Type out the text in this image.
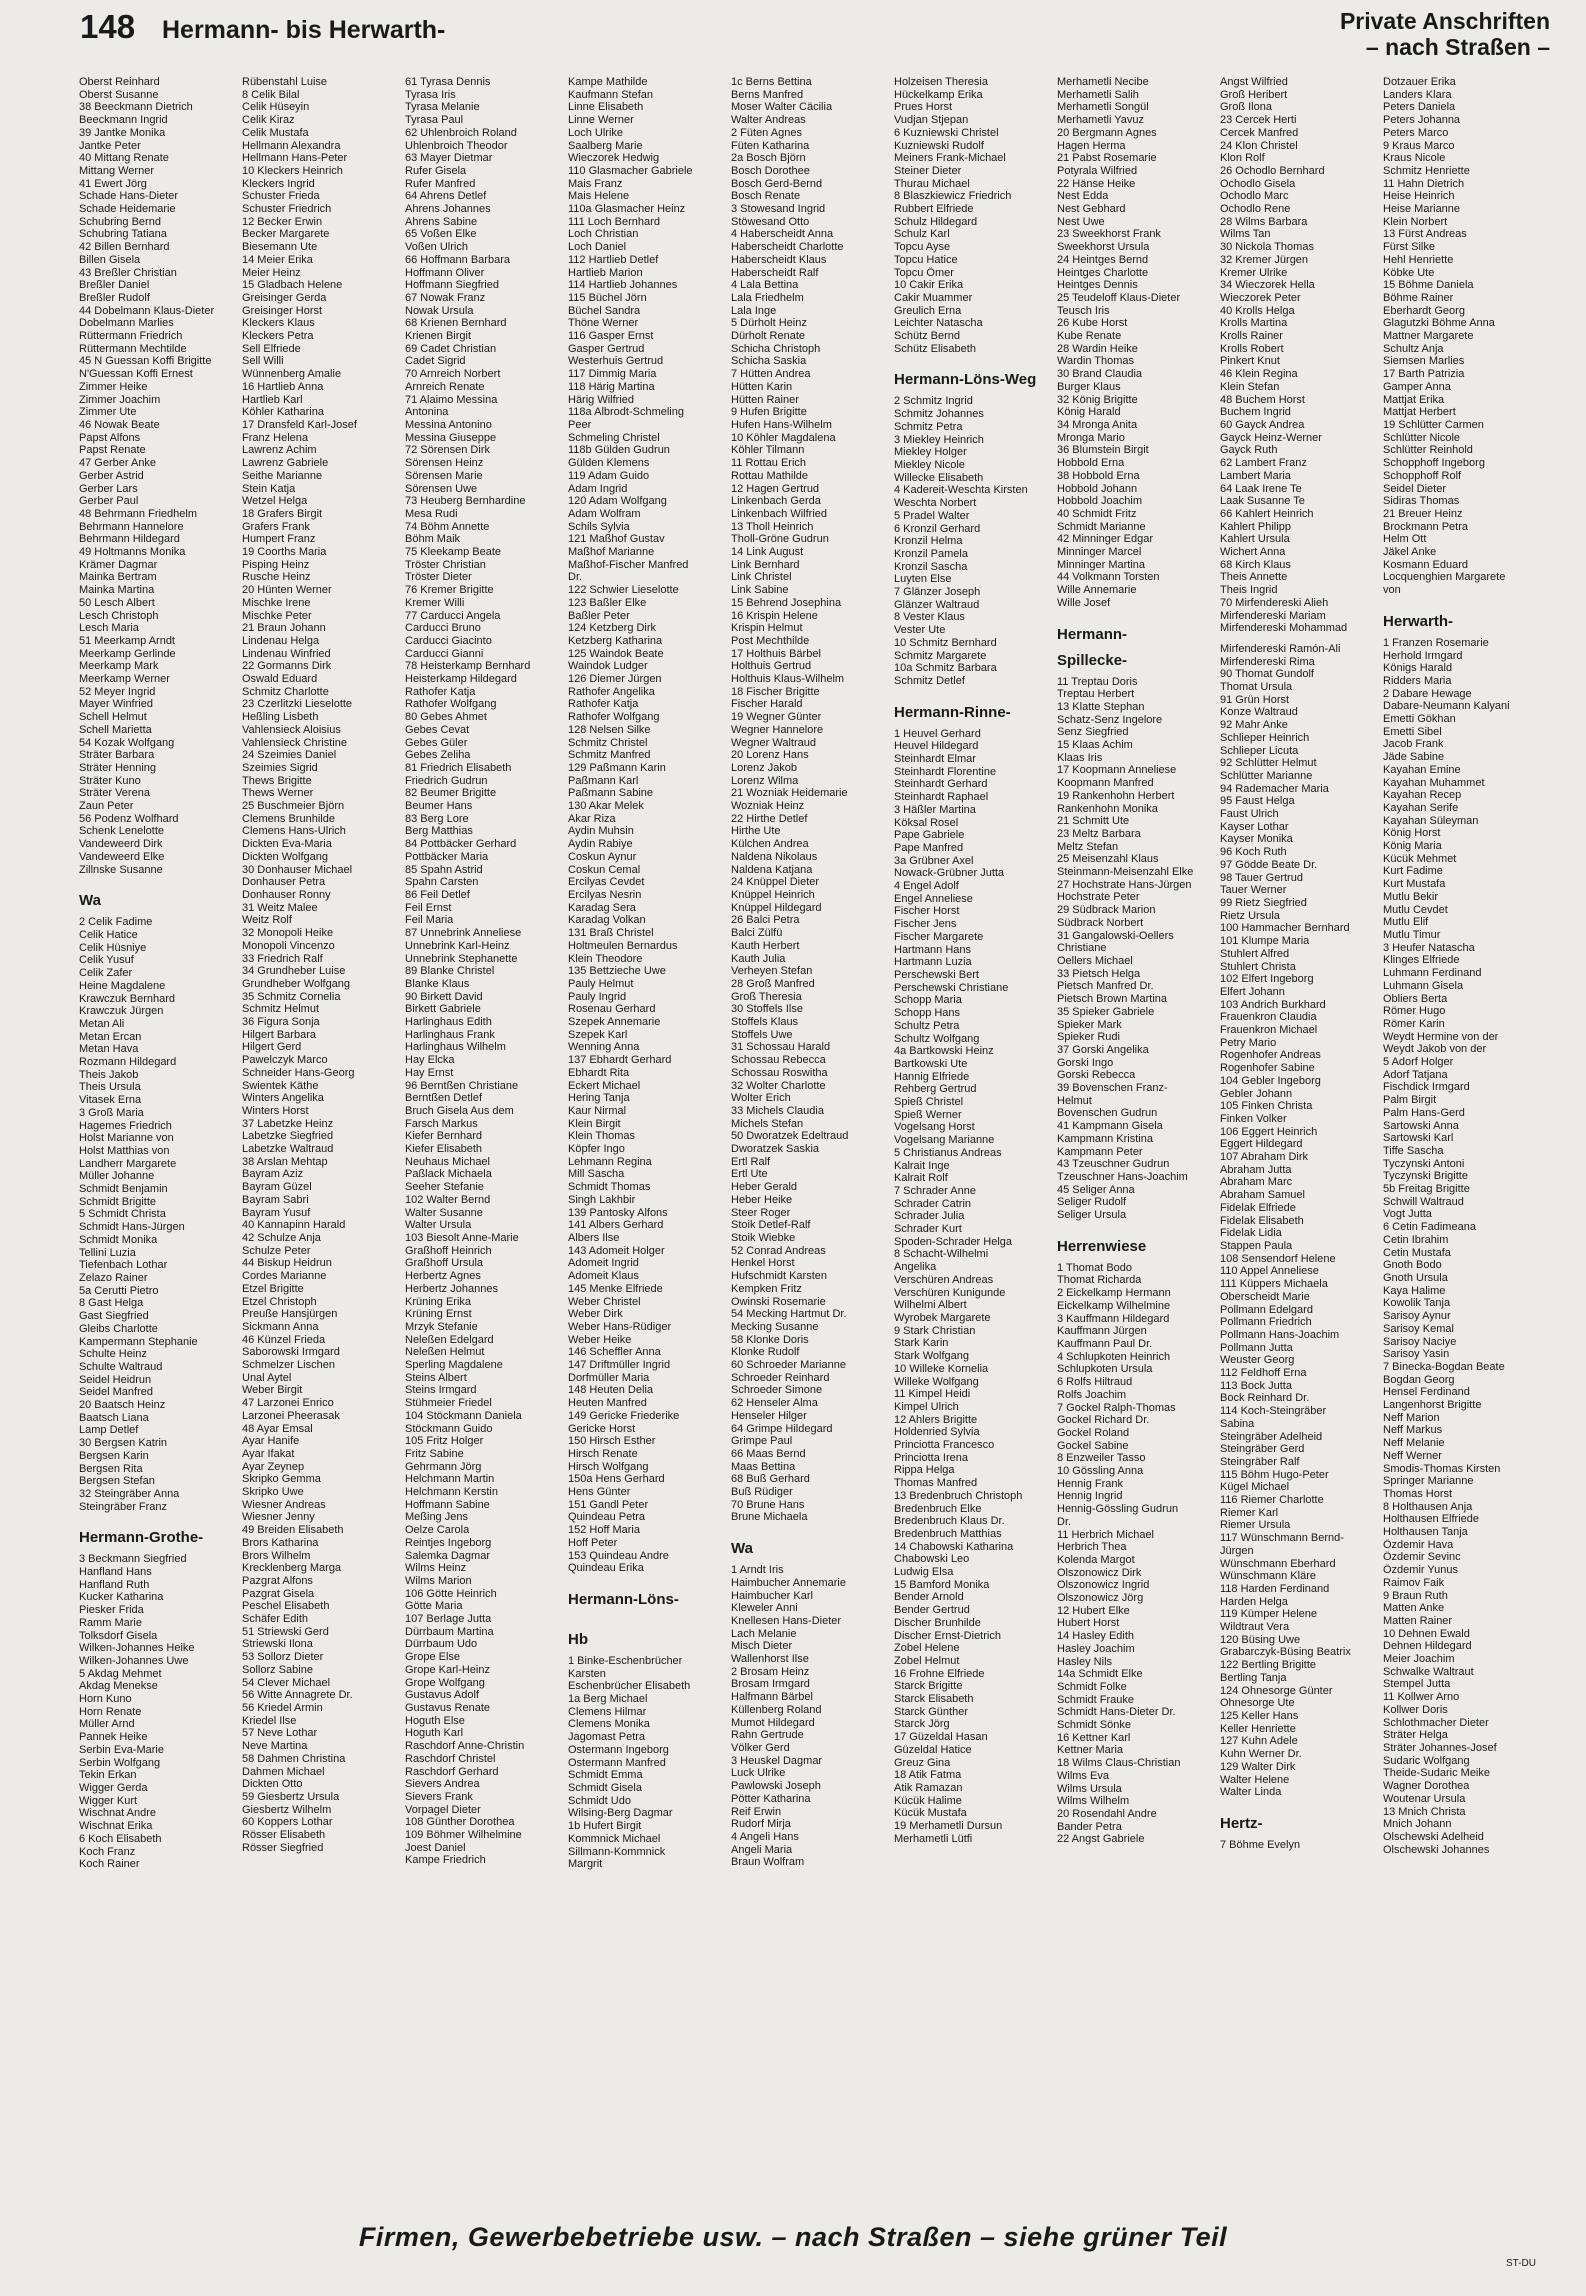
148 Hermann- bis Herwarth-	Private Anschriften
– nach Straßen –
Oberst Reinhard
Oberst Susanne
38 Beeckmann Dietrich
Beeckmann Ingrid
39 Jantke Monika
Jantke Peter
40 Mittang Renate
Mittang Werner
41 Ewert Jörg
Schade Hans-Dieter
Schade Heidemarie
Schubring Bernd
Schubring Tatiana
42 Billen Bernhard
Billen Gisela
43 Breßler Christian
Breßler Daniel
Breßler Rudolf
44 Dobelmann Klaus-Dieter
Dobelmann Marlies
Rüttermann Friedrich
Rüttermann Mechtilde
45 N Guessan Koffi Brigitte
N'Guessan Koffi Ernest
Zimmer Heike
Zimmer Joachim
Zimmer Ute
46 Nowak Beate
Papst Alfons
Papst Renate
47 Gerber Anke
Gerber Astrid
Gerber Lars
Gerber Paul
48 Behrmann Friedhelm
Behrmann Hannelore
Behrmann Hildegard
49 Holtmanns Monika
Krämer Dagmar
Mainka Bertram
Mainka Martina
50 Lesch Albert
Lesch Christoph
Lesch Maria
51 Meerkamp Arndt
Meerkamp Gerlinde
Meerkamp Mark
Meerkamp Werner
52 Meyer Ingrid
Mayer Winfried
Schell Helmut
Schell Marietta
54 Kozak Wolfgang
Sträter Barbara
Sträter Henning
Sträter Kuno
Sträter Verena
Zaun Peter
56 Podenz Wolfhard
Schenk Lenelotte
Vandeweerd Dirk
Vandeweerd Elke
Zillnske Susanne
Wa
2 Celik Fadime
Celik Hatice
Celik Hüsniye
Celik Yusuf
Celik Zafer
Heine Magdalene
Krawczuk Bernhard
Krawczuk Jürgen
Metan Ali
Metan Ercan
Metan Hava
Rozmann Hildegard
Theis Jakob
Theis Ursula
Vitasek Erna
3 Groß Maria
Hagemes Friedrich
Holst Marianne von
Holst Matthias von
Landherr Margarete
Müller Johanne
Schmidt Benjamin
Schmidt Brigitte
5 Schmidt Christa
Schmidt Hans-Jürgen
Schmidt Monika
Tellini Luzia
Tiefenbach Lothar
Zelazo Rainer
5a Cerutti Pietro
8 Gast Helga
Gast Siegfried
Gleibs Charlotte
Kampermann Stephanie
Schulte Heinz
Schulte Waltraud
Seidel Heidrun
Seidel Manfred
20 Baatsch Heinz
Baatsch Liana
Lamp Detlef
30 Bergsen Katrin
Bergsen Karin
Bergsen Rita
Bergsen Stefan
32 Steingräber Anna
Steingräber Franz
Hermann-Grothe-
3 Beckmann Siegfried
Hanfland Hans
Hanfland Ruth
Kucker Katharina
Piesker Frida
Ramm Marie
Tolksdorf Gisela
Wilken-Johannes Heike
Wilken-Johannes Uwe
5 Akdag Mehmet
Akdag Menekse
Horn Kuno
Horn Renate
Müller Arnd
Pannek Heike
Serbin Eva-Marie
Serbin Wolfgang
Tekin Erkan
Wigger Gerda
Wigger Kurt
Wischnat Andre
Wischnat Erika
6 Koch Elisabeth
Koch Franz
Koch Rainer
Rübenstahl Luise
8 Celik Bilal
Celik Hüseyin
Celik Kiraz
Celik Mustafa
Hellmann Alexandra
Hellmann Hans-Peter
10 Kleckers Heinrich
Kleckers Ingrid
Schuster Frieda
Schuster Friedrich
12 Becker Erwin
Becker Margarete
Biesemann Ute
14 Meier Erika
Meier Heinz
15 Gladbach Helene
Greisinger Gerda
Greisinger Horst
Kleckers Klaus
Kleckers Petra
Sell Elfriede
Sell Willi
Wünnenberg Amalie
16 Hartlieb Anna
Hartlieb Karl
Köhler Katharina
17 Dransfeld Karl-Josef
Franz Helena
Lawrenz Achim
Lawrenz Gabriele
Seithe Marianne
Stein Katja
Wetzel Helga
18 Grafers Birgit
Grafers Frank
Humpert Franz
19 Coorths Maria
Pisping Heinz
Rusche Heinz
20 Hünten Werner
Mischke Irene
Mischke Peter
21 Braun Johann
Lindenau Helga
Lindenau Winfried
22 Gormanns Dirk
Oswald Eduard
Schmitz Charlotte
23 Czerlitzki Lieselotte
Heßling Lisbeth
Vahlensieck Aloisius
Vahlensieck Christine
24 Szeimies Daniel
Szeimies Sigrid
Thews Brigitte
Thews Werner
25 Buschmeier Björn
Clemens Brunhilde
Clemens Hans-Ulrich
Dickten Eva-Maria
Dickten Wolfgang
30 Donhauser Michael
Donhauser Petra
Donhauser Ronny
31 Weitz Malee
Weitz Rolf
32 Monopoli Heike
Monopoli Vincenzo
33 Friedrich Ralf
34 Grundheber Luise
Grundheber Wolfgang
35 Schmitz Cornelia
Schmitz Helmut
36 Figura Sonja
Hilgert Barbara
Hilgert Gerd
Pawelczyk Marco
Schneider Hans-Georg
Swientek Käthe
Winters Angelika
Winters Horst
37 Labetzke Heinz
Labetzke Siegfried
Labetzke Waltraud
38 Arslan Mehtap
Bayram Aziz
Bayram Güzel
Bayram Sabri
Bayram Yusuf
40 Kannapinn Harald
42 Schulze Anja
Schulze Peter
44 Biskup Heidrun
Cordes Marianne
Etzel Brigitte
Etzel Christoph
Preuße Hansjürgen
Sickmann Anna
46 Künzel Frieda
Saborowski Irmgard
Schmelzer Lischen
Unal Aytel
Weber Birgit
47 Larzonei Enrico
Larzonei Pheerasak
48 Ayar Emsal
Ayar Hanife
Ayar Ifakat
Ayar Zeynep
Skripko Gemma
Skripko Uwe
Wiesner Andreas
Wiesner Jenny
49 Breiden Elisabeth
Brors Katharina
Brors Wilhelm
Krecklenberg Marga
Pazgrat Alfons
Pazgrat Gisela
Peschel Elisabeth
Schäfer Edith
51 Striewski Gerd
Striewski Ilona
53 Sollorz Dieter
Sollorz Sabine
54 Clever Michael
56 Witte Annagrete Dr.
56 Kriedel Armin
Kriedel Ilse
57 Neve Lothar
Neve Martina
58 Dahmen Christina
Dahmen Michael
Dickten Otto
59 Giesbertz Ursula
Giesbertz Wilhelm
60 Koppers Lothar
Rösser Elisabeth
Rösser Siegfried
61 Tyrasa Dennis
Tyrasa Iris
Tyrasa Melanie
Tyrasa Paul
62 Uhlenbroich Roland
Uhlenbroich Theodor
63 Mayer Dietmar
Rufer Gisela
Rufer Manfred
64 Ahrens Detlef
Ahrens Johannes
Ahrens Sabine
65 Voßen Elke
Voßen Ulrich
66 Hoffmann Barbara
Hoffmann Oliver
Hoffmann Siegfried
67 Nowak Franz
Nowak Ursula
68 Krienen Bernhard
Krienen Birgit
69 Cadet Christian
Cadet Sigrid
70 Arnreich Norbert
Arnreich Renate
71 Alaimo Messina
Antonina
Messina Antonino
Messina Giuseppe
72 Sörensen Dirk
Sörensen Heinz
Sörensen Marie
Sörensen Uwe
73 Heuberg Bernhardine
Mesa Rudi
74 Böhm Annette
Böhm Maik
75 Kleekamp Beate
Tröster Christian
Tröster Dieter
76 Kremer Brigitte
Kremer Willi
77 Carducci Angela
Carducci Bruno
Carducci Giacinto
Carducci Gianni
78 Heisterkamp Bernhard
Heisterkamp Hildegard
Rathofer Katja
Rathofer Wolfgang
80 Gebes Ahmet
Gebes Cevat
Gebes Güler
Gebes Zeliha
81 Friedrich Elisabeth
Friedrich Gudrun
82 Beumer Brigitte
Beumer Hans
83 Berg Lore
Berg Matthias
84 Pottbäcker Gerhard
Pottbäcker Maria
85 Spahn Astrid
Spahn Carsten
86 Feil Detlef
Feil Ernst
Feil Maria
87 Unnebrink Anneliese
Unnebrink Karl-Heinz
Unnebrink Stephanette
89 Blanke Christel
Blanke Klaus
90 Birkett David
Birkett Gabriele
Harlinghaus Edith
Harlinghaus Frank
Harlinghaus Wilhelm
Hay Elcka
Hay Ernst
96 Berntßen Christiane
Berntßen Detlef
Bruch Gisela Aus dem
Farsch Markus
Kiefer Bernhard
Kiefer Elisabeth
Neuhaus Michael
Paßlack Michaela
Seeher Stefanie
102 Walter Bernd
Walter Susanne
Walter Ursula
103 Biesolt Anne-Marie
Graßhoff Heinrich
Graßhoff Ursula
Herbertz Agnes
Herbertz Johannes
Krüning Erika
Krüning Ernst
Mrzyk Stefanie
Neleßen Edelgard
Neleßen Helmut
Sperling Magdalene
Steins Albert
Steins Irmgard
Stühmeier Friedel
104 Stöckmann Daniela
Stöckmann Guido
105 Fritz Holger
Fritz Sabine
Gehrmann Jörg
Helchmann Martin
Helchmann Kerstin
Hoffmann Sabine
Meßing Jens
Oelze Carola
Reintjes Ingeborg
Salemka Dagmar
Wilms Heinz
Wilms Marion
106 Götte Heinrich
Götte Maria
107 Berlage Jutta
Dürrbaum Martina
Dürrbaum Udo
Grope Else
Grope Karl-Heinz
Grope Wolfgang
Gustavus Adolf
Gustavus Renate
Hoguth Else
Hoguth Karl
Raschdorf Anne-Christin
Raschdorf Christel
Raschdorf Gerhard
Sievers Andrea
Sievers Frank
Vorpagel Dieter
108 Günther Dorothea
109 Böhmer Wilhelmine
Joest Daniel
Kampe Friedrich
Kampe Mathilde
Kaufmann Stefan
Linne Elisabeth
Linne Werner
Loch Ulrike
Saalberg Marie
Wieczorek Hedwig
110 Glasmacher Gabriele
Mais Franz
Mais Helene
110a Glasmacher Heinz
111 Loch Bernhard
Loch Christian
Loch Daniel
112 Hartlieb Detlef
Hartlieb Marion
114 Hartlieb Johannes
115 Büchel Jörn
Büchel Sandra
Thöne Werner
116 Gasper Ernst
Gasper Gertrud
Westerhuis Gertrud
117 Dimmig Maria
118 Härig Martina
Härig Wilfried
118a Albrodt-Schmeling
Peer
Schmeling Christel
118b Gülden Gudrun
Gülden Klemens
119 Adam Guido
Adam Ingrid
120 Adam Wolfgang
Adam Wolfram
Schils Sylvia
121 Maßhof Gustav
Maßhof Marianne
Maßhof-Fischer Manfred
Dr.
122 Schwier Lieselotte
123 Baßler Elke
Baßler Peter
124 Ketzberg Dirk
Ketzberg Katharina
125 Waindok Beate
Waindok Ludger
126 Diemer Jürgen
Rathofer Angelika
Rathofer Katja
Rathofer Wolfgang
128 Nelsen Silke
Schmitz Christel
Schmitz Manfred
129 Paßmann Karin
Paßmann Karl
Paßmann Sabine
130 Akar Melek
Akar Riza
Aydin Muhsin
Aydin Rabiye
Coskun Aynur
Coskun Cemal
Ercilyas Cevdet
Ercilyas Nesrin
Karadag Sera
Karadag Volkan
131 Braß Christel
Holtmeulen Bernardus
Klein Theodore
135 Bettzieche Uwe
Pauly Helmut
Pauly Ingrid
Rosenau Gerhard
Szepek Annemarie
Szepek Karl
Wenning Anna
137 Ebhardt Gerhard
Ebhardt Rita
Eckert Michael
Hering Tanja
Kaur Nirmal
Klein Birgit
Klein Thomas
Köpfer Ingo
Lehmann Regina
Mill Sascha
Schmidt Thomas
Singh Lakhbir
139 Pantosky Alfons
141 Albers Gerhard
Albers Ilse
143 Adomeit Holger
Adomeit Ingrid
Adomeit Klaus
145 Menke Elfriede
Weber Christel
Weber Dirk
Weber Hans-Rüdiger
Weber Heike
146 Scheffler Anna
147 Driftmüller Ingrid
Dorfmüller Maria
148 Heuten Delia
Heuten Manfred
149 Gericke Friederike
Gericke Horst
150 Hirsch Esther
Hirsch Renate
Hirsch Wolfgang
150a Hens Gerhard
Hens Günter
151 Gandl Peter
Quindeau Petra
152 Hoff Maria
Hoff Peter
153 Quindeau Andre
Quindeau Erika
Hermann-Löns-
Hb
1 Binke-Eschenbrücher
Karsten
Eschenbrücher Elisabeth
1a Berg Michael
Clemens Hilmar
Clemens Monika
Jagomast Petra
Ostermann Ingeborg
Ostermann Manfred
Schmidt Emma
Schmidt Gisela
Schmidt Udo
Wilsing-Berg Dagmar
1b Hufert Birgit
Kommnick Michael
Sillmann-Kommnick
Margrit
1c Berns Bettina
Berns Manfred
Moser Walter Cäcilia
Walter Andreas
2 Füten Agnes
Füten Katharina
2a Bosch Björn
Bosch Dorothee
Bosch Gerd-Bernd
Bosch Renate
3 Stowesand Ingrid
Stöwesand Otto
4 Haberscheidt Anna
Haberscheidt Charlotte
Haberscheidt Klaus
Haberscheidt Ralf
4 Lala Bettina
Lala Friedhelm
Lala Inge
5 Dürholt Heinz
Dürholt Renate
Schicha Christoph
Schicha Saskia
7 Hütten Andrea
Hütten Karin
Hütten Rainer
9 Hufen Brigitte
Hufen Hans-Wilhelm
10 Köhler Magdalena
Köhler Tilmann
11 Rottau Erich
Rottau Mathilde
12 Hagen Gertrud
Linkenbach Gerda
Linkenbach Wilfried
13 Tholl Heinrich
Tholl-Gröne Gudrun
14 Link August
Link Bernhard
Link Christel
Link Sabine
15 Behrend Josephina
16 Krispin Helene
Krispin Helmut
Post Mechthilde
17 Holthuis Bärbel
Holthuis Gertrud
Holthuis Klaus-Wilhelm
18 Fischer Brigitte
Fischer Harald
19 Wegner Günter
Wegner Hannelore
Wegner Waltraud
20 Lorenz Hans
Lorenz Jakob
Lorenz Wilma
21 Wozniak Heidemarie
Wozniak Heinz
22 Hirthe Detlef
Hirthe Ute
Külchen Andrea
Naldena Nikolaus
Naldena Katjana
24 Knüppel Dieter
Knüppel Heinrich
Knüppel Hildegard
26 Balci Petra
Balci Zülfü
Kauth Herbert
Kauth Julia
Verheyen Stefan
28 Groß Manfred
Groß Theresia
30 Stoffels Ilse
Stoffels Klaus
Stoffels Uwe
31 Schossau Harald
Schossau Rebecca
Schossau Roswitha
32 Wolter Charlotte
Wolter Erich
33 Michels Claudia
Michels Stefan
50 Dworatzek Edeltraud
Dworatzek Saskia
Ertl Ralf
Ertl Ute
Heber Gerald
Heber Heike
Steer Roger
Stoik Detlef-Ralf
Stoik Wiebke
52 Conrad Andreas
Henkel Horst
Hufschmidt Karsten
Kempken Fritz
Owinski Rosemarie
54 Mecking Hartmut Dr.
Mecking Susanne
58 Klonke Doris
Klonke Rudolf
60 Schroeder Marianne
Schroeder Reinhard
Schroeder Simone
62 Henseler Alma
Henseler Hilger
64 Grimpe Hildegard
Grimpe Paul
66 Maas Bernd
Maas Bettina
68 Buß Gerhard
Buß Rüdiger
70 Brune Hans
Brune Michaela
Wa
1 Arndt Iris
Haimbucher Annemarie
Haimbucher Karl
Kleweler Anni
Knellesen Hans-Dieter
Lach Melanie
Misch Dieter
Wallenhorst Ilse
2 Brosam Heinz
Brosam Irmgard
Halfmann Bärbel
Küllenberg Roland
Mumot Hildegard
Rahn Gertrude
Völker Gerd
3 Heuskel Dagmar
Luck Ulrike
Pawlowski Joseph
Pötter Katharina
Reif Erwin
Rudorf Mirja
4 Angeli Hans
Angeli Maria
Braun Wolfram
Holzeisen Theresia
Hückelkamp Erika
Prues Horst
Vudjan Stjepan
6 Kuzniewski Christel
Kuzniewski Rudolf
Meiners Frank-Michael
Steiner Dieter
Thurau Michael
8 Blaszkiewicz Friedrich
Rubbert Elfriede
Schulz Hildegard
Schulz Karl
Topcu Ayse
Topcu Hatice
Topcu Ömer
10 Cakir Erika
Cakir Muammer
Greulich Erna
Leichter Natascha
Schütz Bernd
Schütz Elisabeth
Hermann-Löns-Weg
2 Schmitz Ingrid
Schmitz Johannes
Schmitz Petra
3 Miekley Heinrich
Miekley Holger
Miekley Nicole
Willecke Elisabeth
4 Kadereit-Weschta Kirsten
Weschta Norbert
5 Pradel Walter
6 Kronzil Gerhard
Kronzil Helma
Kronzil Pamela
Kronzil Sascha
Luyten Else
7 Glänzer Joseph
Glänzer Waltraud
8 Vester Klaus
Vester Ute
10 Schmitz Bernhard
Schmitz Margarete
10a Schmitz Barbara
Schmitz Detlef
Hermann-Rinne-
1 Heuvel Gerhard
Heuvel Hildegard
Steinhardt Elmar
Steinhardt Florentine
Steinhardt Gerhard
Steinhardt Raphael
3 Häßler Martina
Köksal Rosel
Pape Gabriele
Pape Manfred
3a Grübner Axel
Nowack-Grübner Jutta
4 Engel Adolf
Engel Anneliese
Fischer Horst
Fischer Jens
Fischer Margarete
Hartmann Hans
Hartmann Luzia
Perschewski Bert
Perschewski Christiane
Schopp Maria
Schopp Hans
Schultz Petra
Schultz Wolfgang
4a Bartkowski Heinz
Bartkowski Ute
Hannig Elfriede
Rehberg Gertrud
Spieß Christel
Spieß Werner
Vogelsang Horst
Vogelsang Marianne
5 Christianus Andreas
Kalrait Inge
Kalrait Rolf
7 Schrader Anne
Schrader Catrin
Schrader Julia
Schrader Kurt
Spoden-Schrader Helga
8 Schacht-Wilhelmi
Angelika
Verschüren Andreas
Verschüren Kunigunde
Wilhelmi Albert
Wyrobek Margarete
9 Stark Christian
Stark Karin
Stark Wolfgang
10 Willeke Kornelia
Willeke Wolfgang
11 Kimpel Heidi
Kimpel Ulrich
12 Ahlers Brigitte
Holdenried Sylvia
Princiotta Francesco
Princiotta Irena
Rippa Helga
Thomas Manfred
13 Bredenbruch Christoph
Bredenbruch Elke
Bredenbruch Klaus Dr.
Bredenbruch Matthias
14 Chabowski Katharina
Chabowski Leo
Ludwig Elsa
15 Bamford Monika
Bender Arnold
Bender Gertrud
Discher Brunhilde
Discher Ernst-Dietrich
Zobel Helene
Zobel Helmut
16 Frohne Elfriede
Starck Brigitte
Starck Elisabeth
Starck Günther
Starck Jörg
17 Güzeldal Hasan
Güzeldal Hatice
Greuz Gina
18 Atik Fatma
Atik Ramazan
Kücük Halime
Kücük Mustafa
19 Merhametli Dursun
Merhametli Lütfi
Merhametli Necibe
Merhametli Salih
Merhametli Songül
Merhametli Yavuz
20 Bergmann Agnes
Hagen Herma
21 Pabst Rosemarie
Potyrala Wilfried
22 Hänse Heike
Nest Edda
Nest Gebhard
Nest Uwe
23 Sweekhorst Frank
Sweekhorst Ursula
24 Heintges Bernd
Heintges Charlotte
Heintges Dennis
25 Teudeloff Klaus-Dieter
Teusch Iris
26 Kube Horst
Kube Renate
28 Wardin Heike
Wardin Thomas
30 Brand Claudia
Burger Klaus
32 König Brigitte
König Harald
34 Mronga Anita
Mronga Mario
36 Blumstein Birgit
Hobbold Erna
38 Hobbold Erna
Hobbold Johann
Hobbold Joachim
40 Schmidt Fritz
Schmidt Marianne
42 Minninger Edgar
Minninger Marcel
Minninger Martina
44 Volkmann Torsten
Wille Annemarie
Wille Josef
Hermann-
Spillecke-
11 Treptau Doris
Treptau Herbert
13 Klatte Stephan
Schatz-Senz Ingelore
Senz Siegfried
15 Klaas Achim
Klaas Iris
17 Koopmann Anneliese
Koopmann Manfred
19 Rankenhohn Herbert
Rankenhohn Monika
21 Schmitt Ute
23 Meltz Barbara
Meltz Stefan
25 Meisenzahl Klaus
Steinmann-Meisenzahl Elke
27 Hochstrate Hans-Jürgen
Hochstrate Peter
29 Südbrack Marion
Südbrack Norbert
31 Gangalowski-Oellers
Christiane
Oellers Michael
33 Pietsch Helga
Pietsch Manfred Dr.
Pietsch Brown Martina
35 Spieker Gabriele
Spieker Mark
Spieker Rudi
37 Gorski Angelika
Gorski Ingo
Gorski Rebecca
39 Bovenschen Franz-
Helmut
Bovenschen Gudrun
41 Kampmann Gisela
Kampmann Kristina
Kampmann Peter
43 Tzeuschner Gudrun
Tzeuschner Hans-Joachim
45 Seliger Anna
Seliger Rudolf
Seliger Ursula
Herrenwiese
1 Thomat Bodo
Thomat Richarda
2 Eickelkamp Hermann
Eickelkamp Wilhelmine
3 Kauffmann Hildegard
Kauffmann Jürgen
Kauffmann Paul Dr.
4 Schlupkoten Heinrich
Schlupkoten Ursula
6 Rolfs Hiltraud
Rolfs Joachim
7 Gockel Ralph-Thomas
Gockel Richard Dr.
Gockel Roland
Gockel Sabine
8 Enzweiler Tasso
10 Gössling Anna
Hennig Frank
Hennig Ingrid
Hennig-Gössling Gudrun
Dr.
11 Herbrich Michael
Herbrich Thea
Kolenda Margot
Olszonowicz Dirk
Olszonowicz Ingrid
Olszonowicz Jörg
12 Hubert Elke
Hubert Horst
14 Hasley Edith
Hasley Joachim
Hasley Nils
14a Schmidt Elke
Schmidt Folke
Schmidt Frauke
Schmidt Hans-Dieter Dr.
Schmidt Sönke
16 Kettner Karl
Kettner Maria
18 Wilms Claus-Christian
Wilms Eva
Wilms Ursula
Wilms Wilhelm
20 Rosendahl Andre
Bander Petra
22 Angst Gabriele
Angst Wilfried
Groß Heribert
Groß Ilona
23 Cercek Herti
Cercek Manfred
24 Klon Christel
Klon Rolf
26 Ochodlo Bernhard
Ochodlo Gisela
Ochodlo Marc
Ochodlo Rene
28 Wilms Barbara
Wilms Tan
30 Nickola Thomas
32 Kremer Jürgen
Kremer Ulrike
34 Wieczorek Hella
Wieczorek Peter
40 Krolls Helga
Krolls Martina
Krolls Rainer
Krolls Robert
Pinkert Knut
46 Klein Regina
Klein Stefan
48 Buchem Horst
Buchem Ingrid
60 Gayck Andrea
Gayck Heinz-Werner
Gayck Ruth
62 Lambert Franz
Lambert Maria
64 Laak Irene Te
Laak Susanne Te
66 Kahlert Heinrich
Kahlert Philipp
Kahlert Ursula
Wichert Anna
68 Kirch Klaus
Theis Annette
Theis Ingrid
70 Mirfendereski Alieh
Mirfendereski Mariam
Mirfendereski Mohammad
Mirfendereski Ramón-Ali
Mirfendereski Rima
90 Thomat Gundolf
Thomat Ursula
91 Grün Horst
Konze Waltraud
92 Mahr Anke
Schlieper Heinrich
Schlieper Licuta
92 Schlütter Helmut
Schlütter Marianne
94 Rademacher Maria
95 Faust Helga
Faust Ulrich
Kayser Lothar
Kayser Monika
96 Koch Ruth
97 Gödde Beate Dr.
98 Tauer Gertrud
Tauer Werner
99 Rietz Siegfried
Rietz Ursula
100 Hammacher Bernhard
101 Klumpe Maria
Stuhlert Alfred
Stuhlert Christa
102 Elfert Ingeborg
Elfert Johann
103 Andrich Burkhard
Frauenkron Claudia
Frauenkron Michael
Petry Mario
Rogenhofer Andreas
Rogenhofer Sabine
104 Gebler Ingeborg
Gebler Johann
105 Finken Christa
Finken Volker
106 Eggert Heinrich
Eggert Hildegard
107 Abraham Dirk
Abraham Jutta
Abraham Marc
Abraham Samuel
Fidelak Elfriede
Fidelak Elisabeth
Fidelak Lidia
Stappen Paula
108 Sensendorf Helene
110 Appel Anneliese
111 Küppers Michaela
Oberscheidt Marie
Pollmann Edelgard
Pollmann Friedrich
Pollmann Hans-Joachim
Pollmann Jutta
Weuster Georg
112 Feldhoff Erna
113 Bock Jutta
Bock Reinhard Dr.
114 Koch-Steingräber
Sabina
Steingräber Adelheid
Steingräber Gerd
Steingräber Ralf
115 Böhm Hugo-Peter
Kügel Michael
116 Riemer Charlotte
Riemer Karl
Riemer Ursula
117 Wünschmann Bernd-
Jürgen
Wünschmann Eberhard
Wünschmann Kläre
118 Harden Ferdinand
Harden Helga
119 Kümper Helene
Wildtraut Vera
120 Büsing Uwe
Grabarczyk-Büsing Beatrix
122 Bertling Brigitte
Bertling Tanja
124 Ohnesorge Günter
Ohnesorge Ute
125 Keller Hans
Keller Henriette
127 Kuhn Adele
Kuhn Werner Dr.
129 Walter Dirk
Walter Helene
Walter Linda
Hertz-
7 Böhme Evelyn
Dotzauer Erika
Landers Klara
Peters Daniela
Peters Johanna
Peters Marco
9 Kraus Marco
Kraus Nicole
Schmitz Henriette
11 Hahn Dietrich
Heise Heinrich
Heise Marianne
Klein Norbert
13 Fürst Andreas
Fürst Silke
Hehl Henriette
Köbke Ute
15 Böhme Daniela
Böhme Rainer
Eberhardt Georg
Glagutzki Böhme Anna
Mattner Margarete
Schultz Anja
Siemsen Marlies
17 Barth Patrizia
Gamper Anna
Mattjat Erika
Mattjat Herbert
19 Schlütter Carmen
Schlütter Nicole
Schlütter Reinhold
Schopphoff Ingeborg
Schopphoff Rolf
Seidel Dieter
Sidiras Thomas
21 Breuer Heinz
Brockmann Petra
Helm Ott
Jäkel Anke
Kosmann Eduard
Locquenghien Margarete
von
Herwarth-
1 Franzen Rosemarie
Herhold Irmgard
Königs Harald
Ridders Maria
2 Dabare Hewage
Dabare-Neumann Kalyani
Emetti Gökhan
Emetti Sibel
Jacob Frank
Jäde Sabine
Kayahan Emine
Kayahan Muhammet
Kayahan Recep
Kayahan Serife
Kayahan Süleyman
König Horst
König Maria
Kücük Mehmet
Kurt Fadime
Kurt Mustafa
Mutlu Bekir
Mutlu Cevdet
Mutlu Elif
Mutlu Timur
3 Heufer Natascha
Klinges Elfriede
Luhmann Ferdinand
Luhmann Gisela
Obliers Berta
Römer Hugo
Römer Karin
Weydt Hermine von der
Weydt Jakob von der
5 Adorf Holger
Adorf Tatjana
Fischdick Irmgard
Palm Birgit
Palm Hans-Gerd
Sartowski Anna
Sartowski Karl
Tiffe Sascha
Tyczynski Antoni
Tyczynski Brigitte
5b Freitag Brigitte
Schwill Waltraud
Vogt Jutta
6 Cetin Fadimeana
Cetin Ibrahim
Cetin Mustafa
Gnoth Bodo
Gnoth Ursula
Kaya Halime
Kowolik Tanja
Sarisoy Aynur
Sarisoy Kemal
Sarisoy Naciye
Sarisoy Yasin
7 Binecka-Bogdan Beate
Bogdan Georg
Hensel Ferdinand
Langenhorst Brigitte
Neff Marion
Neff Markus
Neff Melanie
Neff Werner
Smodis-Thomas Kirsten
Springer Marianne
Thomas Horst
8 Holthausen Anja
Holthausen Elfriede
Holthausen Tanja
Özdemir Hava
Özdemir Sevinc
Özdemir Yunus
Raimov Faik
9 Braun Ruth
Matten Anke
Matten Rainer
10 Dehnen Ewald
Dehnen Hildegard
Meier Joachim
Schwalke Waltraut
Stempel Jutta
11 Kollwer Arno
Kollwer Doris
Schlothmacher Dieter
Sträter Helga
Sträter Johannes-Josef
Sudaric Wolfgang
Theide-Sudaric Meike
Wagner Dorothea
Woutenar Ursula
13 Mnich Christa
Mnich Johann
Olschewski Adelheid
Olschewski Johannes
Firmen, Gewerbebetriebe usw. – nach Straßen – siehe grüner Teil
ST-DU
